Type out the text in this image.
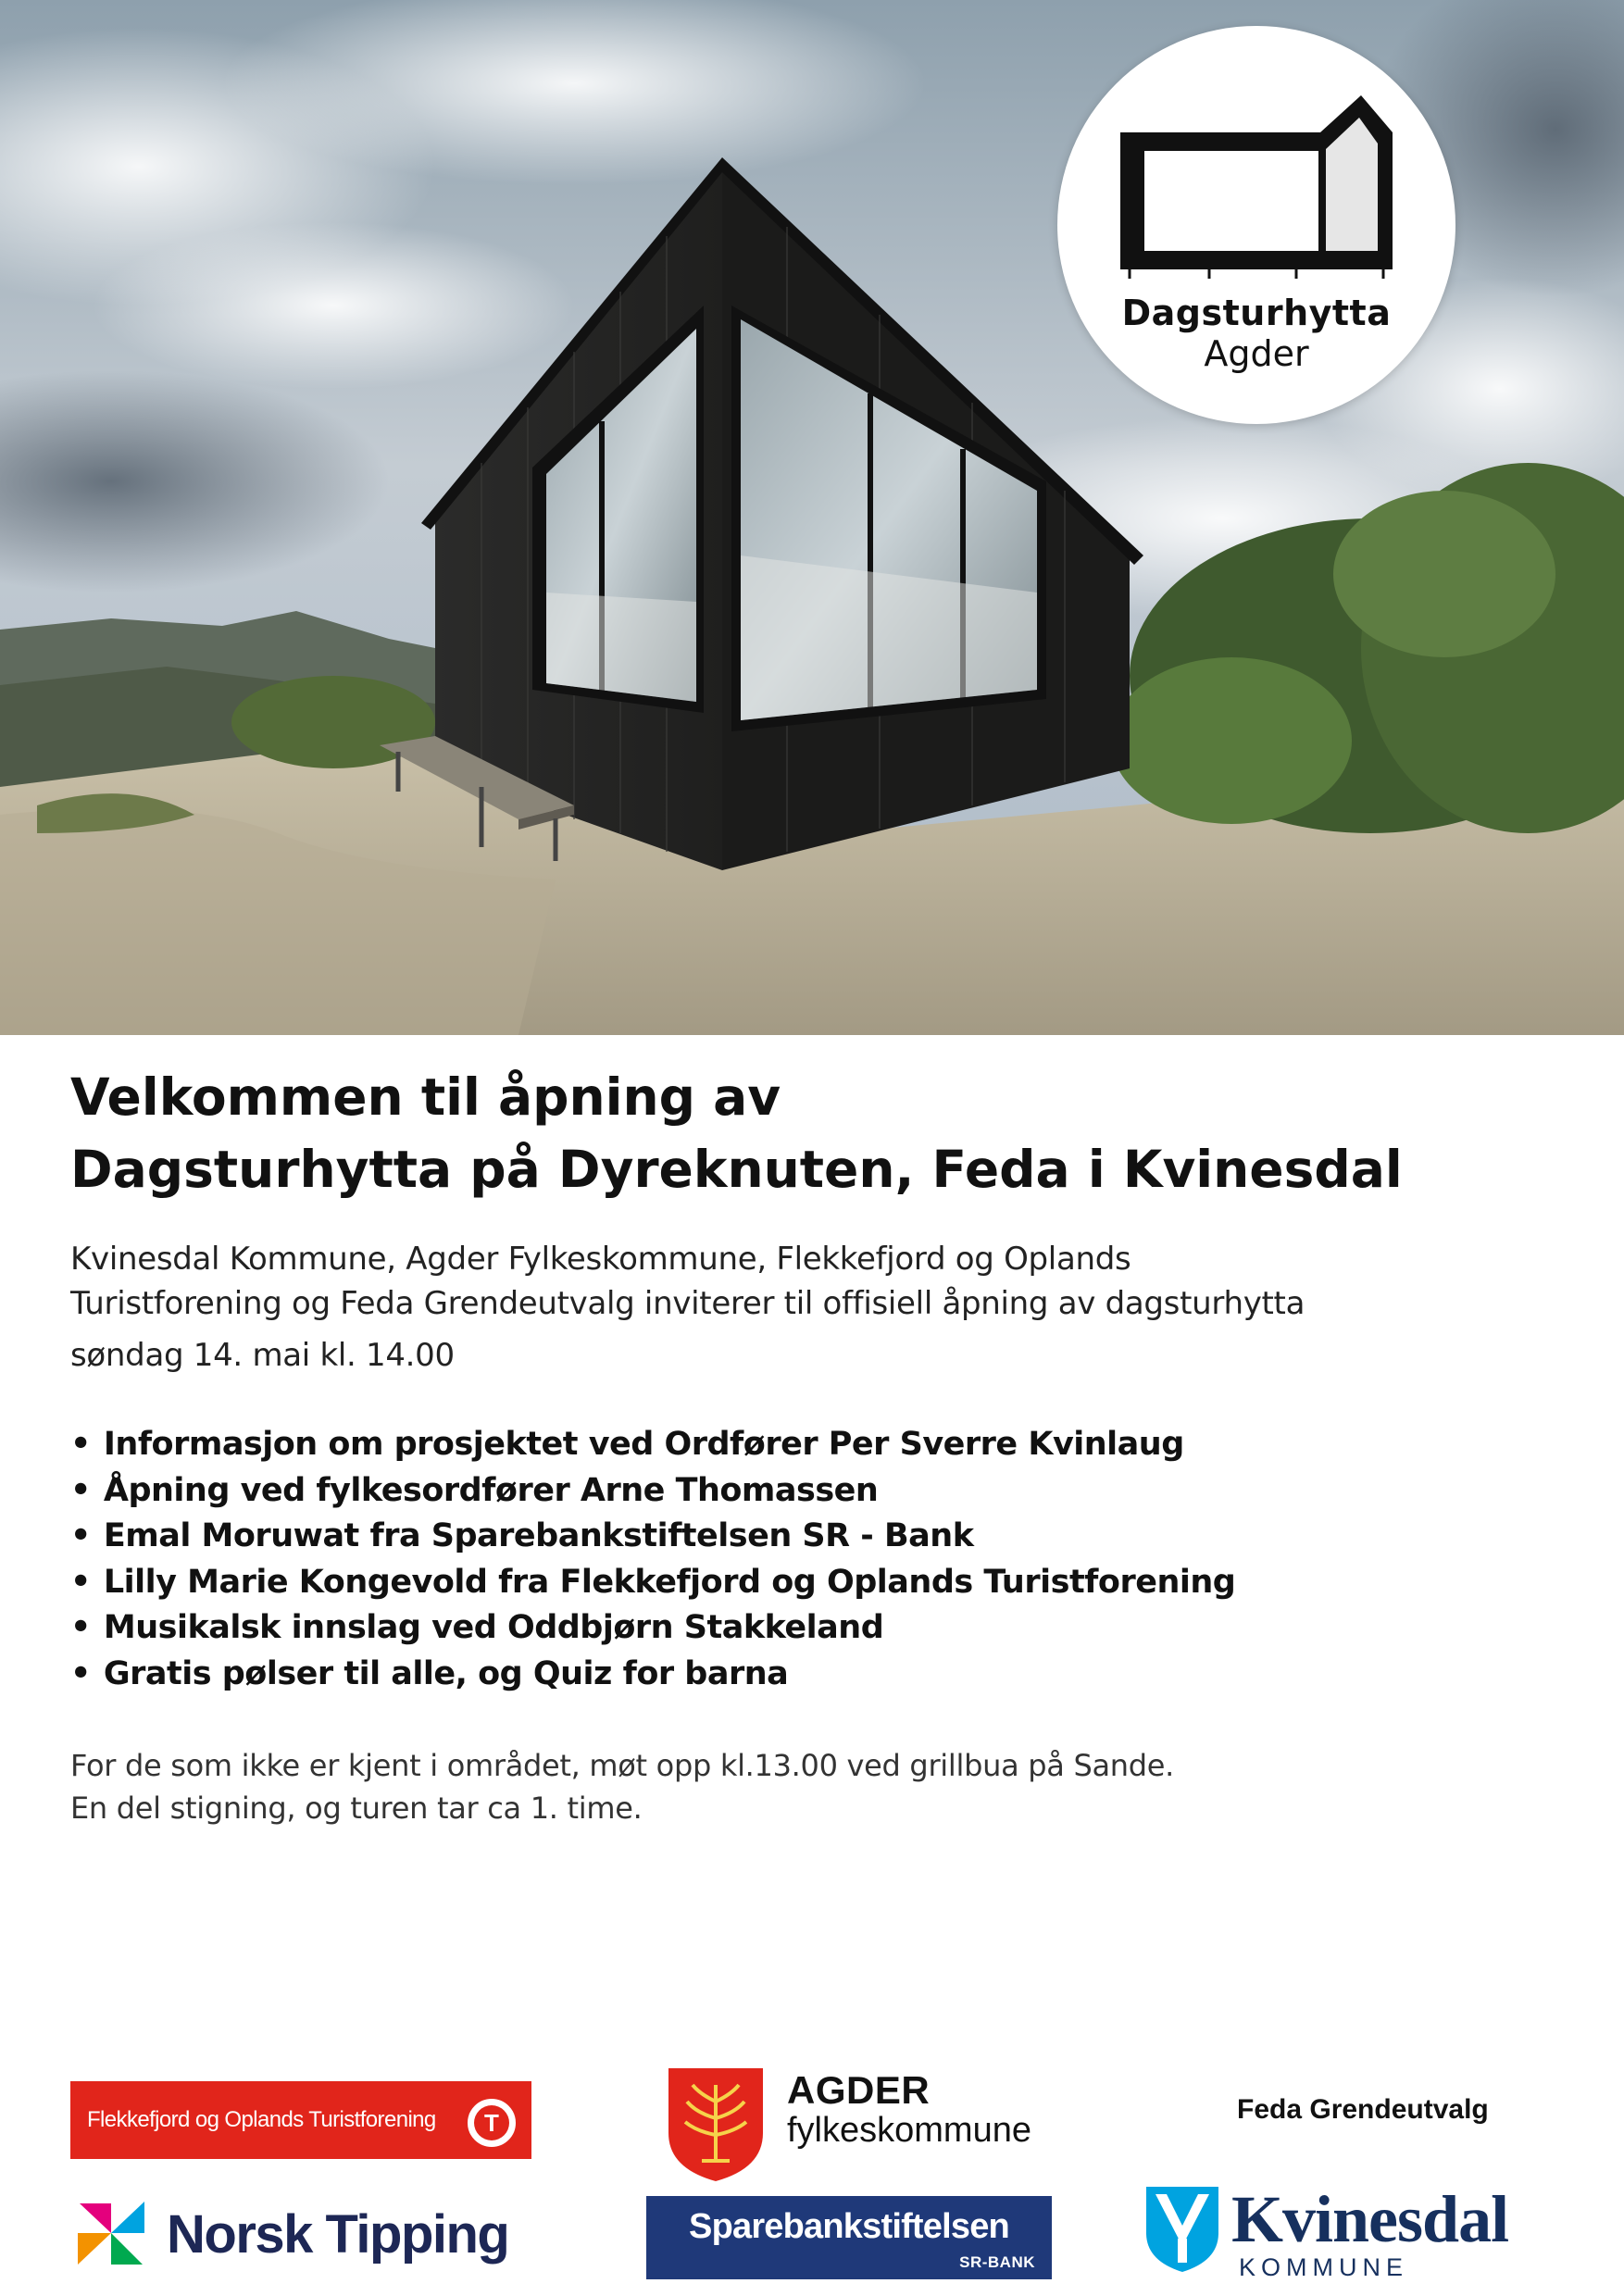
Dagsturhytta
Agder
Velkommen til åpning av
Dagsturhytta på Dyreknuten, Feda i Kvinesdal

Kvinesdal Kommune, Agder Fylkeskommune, Flekkefjord og Oplands
Turistforening og Feda Grendeutvalg inviterer til offisiell åpning av dagsturhytta
søndag 14. mai kl. 14.00

• Informasjon om prosjektet ved Ordfører Per Sverre Kvinlaug
• Åpning ved fylkesordfører Arne Thomassen
• Emal Moruwat fra Sparebankstiftelsen SR - Bank
• Lilly Marie Kongevold fra Flekkefjord og Oplands Turistforening
• Musikalsk innslag ved Oddbjørn Stakkeland
• Gratis pølser til alle, og Quiz for barna

For de som ikke er kjent i området, møt opp kl.13.00 ved grillbua på Sande.
En del stigning, og turen tar ca 1. time.

Flekkefjord og Oplands Turistforening	T
Norsk Tipping
AGDER
fylkeskommune
Sparebankstiftelsen
SR-BANK
Feda Grendeutvalg
Kvinesdal
KOMMUNE
